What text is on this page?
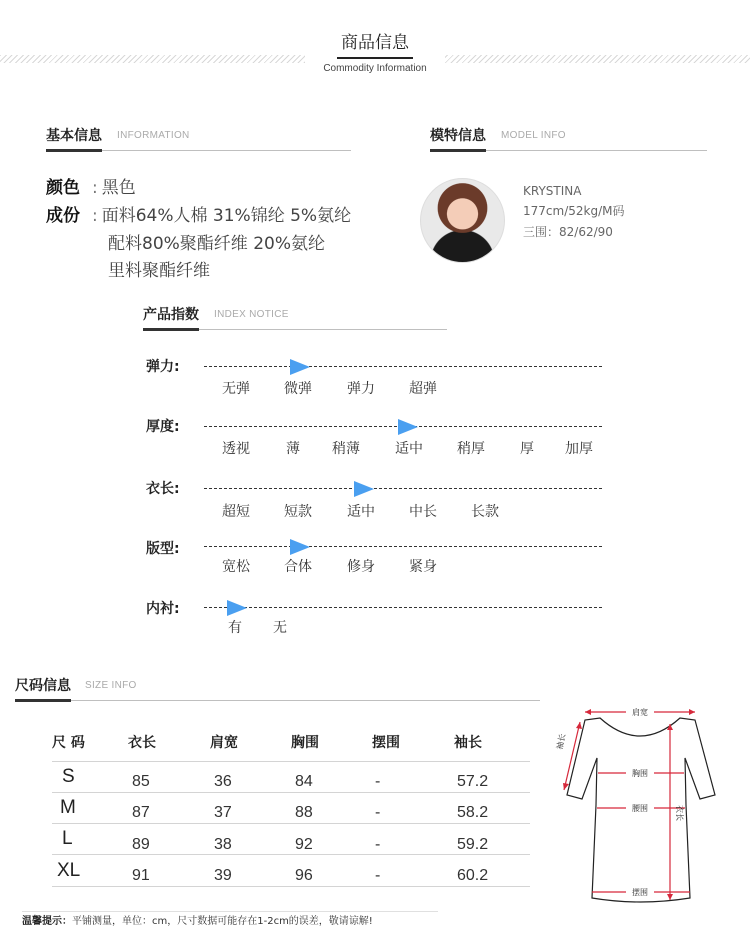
商品信息
Commodity Information
基本信息 INFORMATION
颜色 : 黑色
成份 : 面料64%人棉 31%锦纶 5%氨纶
配料80%聚酯纤维 20%氨纶
里料聚酯纤维
模特信息 MODEL INFO
KRYSTINA
177cm/52kg/M码
三围：82/62/90
产品指数 INDEX NOTICE
弹力:
无弹 微弹	弹力 超弹
厚度:
透视	薄 稍薄	适中 稍厚	厚 加厚
衣长:
超短 短款	适中 中长 长款
版型:
宽松 合体	修身 紧身
内衬:
有 无
尺码信息 SIZE INFO
尺 码	衣长	肩宽	胸围	摆围	袖长
S	85	36	84	-	57.2
M	87	37	88	-	58.2
L	89	38	92	-	59.2
XL	91	39	96	-	60.2
肩宽
袖长
胸围
腰围
摆围
衣长
温馨提示：平铺测量，单位：cm，尺寸数据可能存在1-2cm的误差，敬请谅解!
